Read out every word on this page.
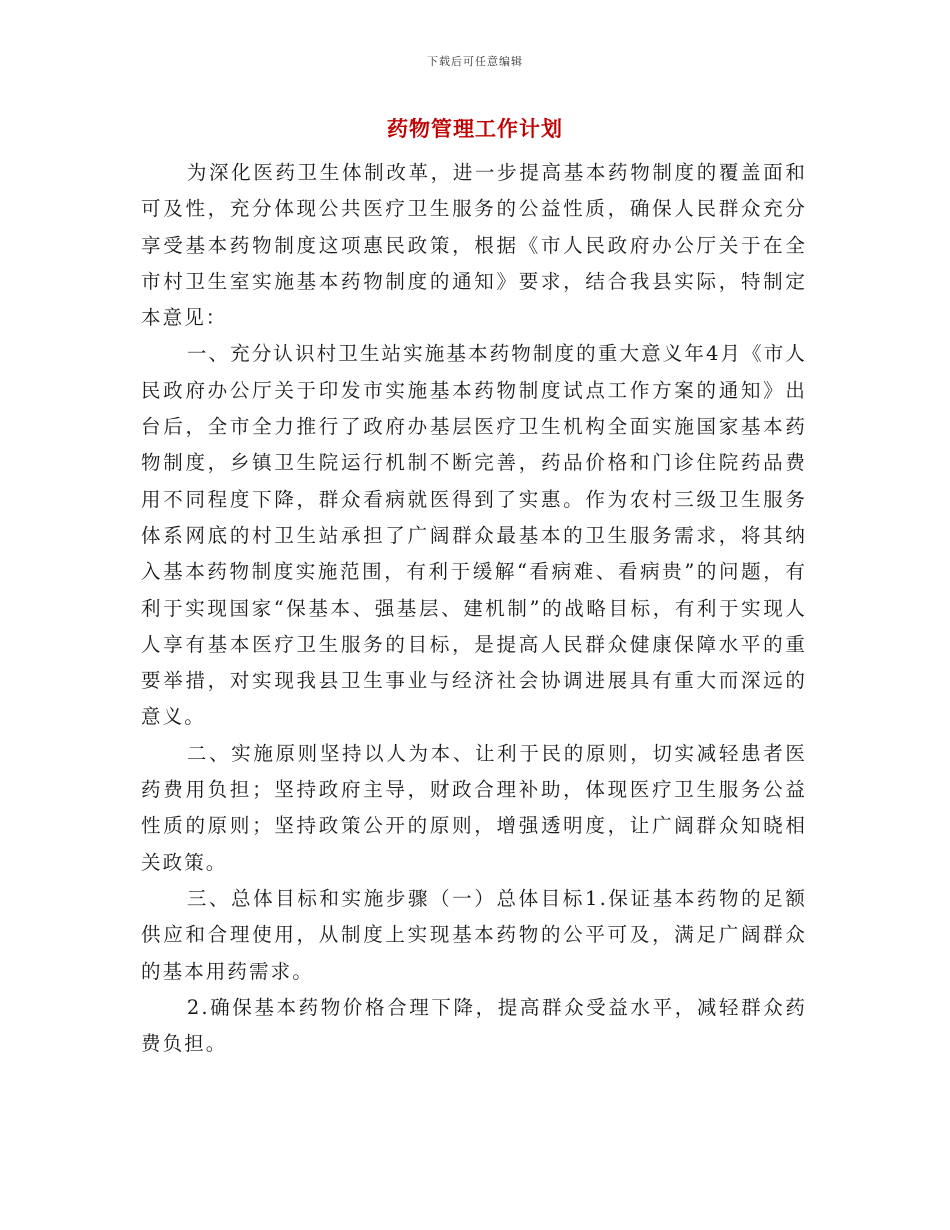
下载后可任意编辑
药物管理工作计划

为深化医药卫生体制改革，进一步提高基本药物制度的覆盖面和可及性，充分体现公共医疗卫生服务的公益性质，确保人民群众充分享受基本药物制度这项惠民政策，根据《市人民政府办公厅关于在全市村卫生室实施基本药物制度的通知》要求，结合我县实际，特制定本意见：

一、充分认识村卫生站实施基本药物制度的重大意义年4月《市人民政府办公厅关于印发市实施基本药物制度试点工作方案的通知》出台后，全市全力推行了政府办基层医疗卫生机构全面实施国家基本药物制度，乡镇卫生院运行机制不断完善，药品价格和门诊住院药品费用不同程度下降，群众看病就医得到了实惠。作为农村三级卫生服务体系网底的村卫生站承担了广阔群众最基本的卫生服务需求，将其纳入基本药物制度实施范围，有利于缓解“看病难、看病贵”的问题，有利于实现国家“保基本、强基层、建机制”的战略目标，有利于实现人人享有基本医疗卫生服务的目标，是提高人民群众健康保障水平的重要举措，对实现我县卫生事业与经济社会协调进展具有重大而深远的意义。

二、实施原则坚持以人为本、让利于民的原则，切实减轻患者医药费用负担；坚持政府主导，财政合理补助，体现医疗卫生服务公益性质的原则；坚持政策公开的原则，增强透明度，让广阔群众知晓相关政策。

三、总体目标和实施步骤（一）总体目标1.保证基本药物的足额供应和合理使用，从制度上实现基本药物的公平可及，满足广阔群众的基本用药需求。

2.确保基本药物价格合理下降，提高群众受益水平，减轻群众药费负担。
